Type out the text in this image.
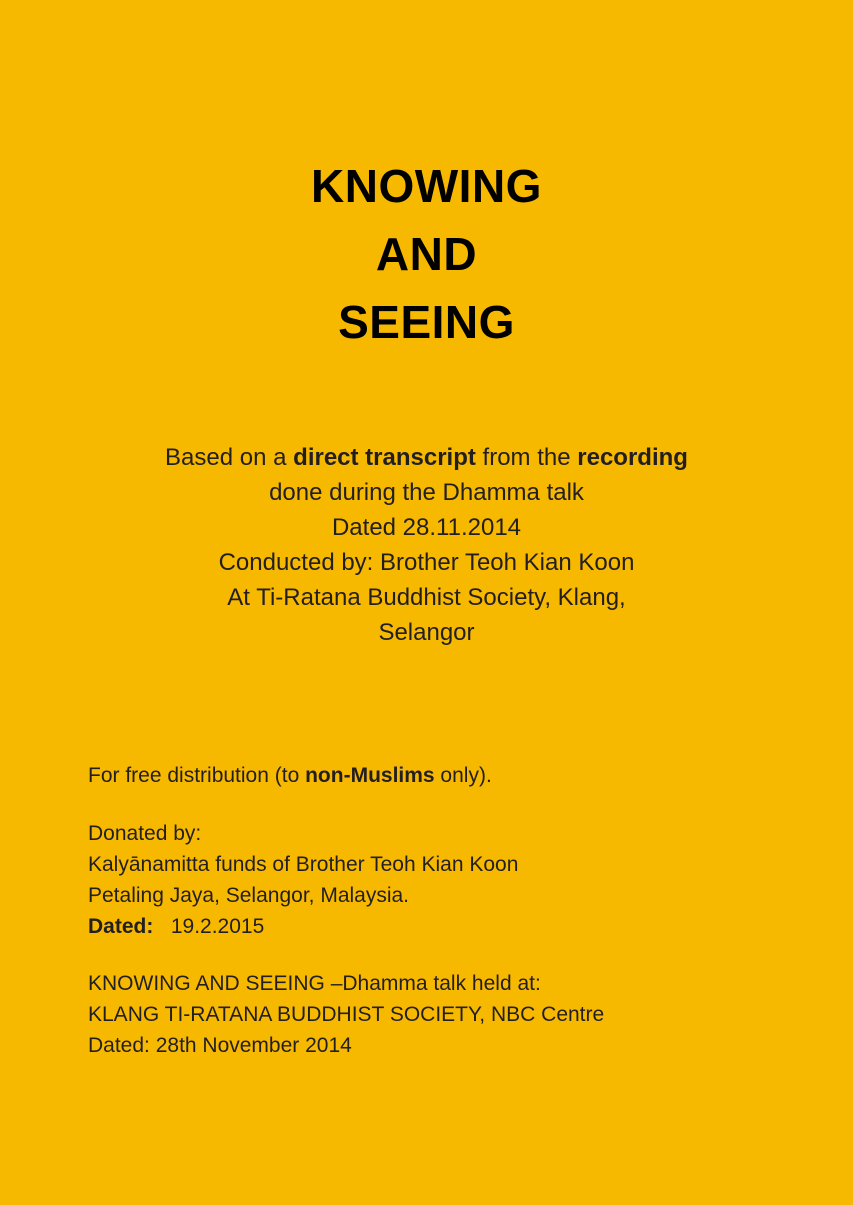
KNOWING
AND
SEEING
Based on a direct transcript from the recording
done during the Dhamma talk
Dated 28.11.2014
Conducted by: Brother Teoh Kian Koon
At Ti-Ratana Buddhist Society, Klang,
Selangor
For free distribution (to non-Muslims only).
Donated by:
Kalyānamitta funds of Brother Teoh Kian Koon
Petaling Jaya, Selangor, Malaysia.
Dated:   19.2.2015
KNOWING AND SEEING –Dhamma talk held at:
KLANG TI-RATANA BUDDHIST SOCIETY, NBC Centre
Dated: 28th November 2014
